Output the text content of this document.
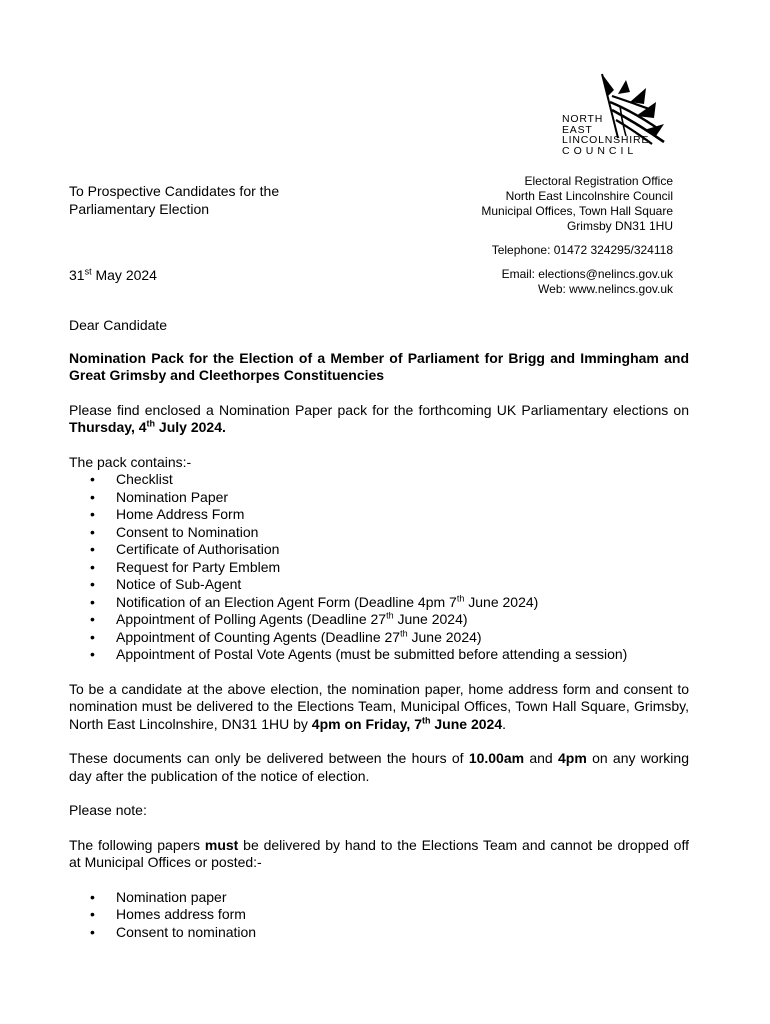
NORTH
EAST
LINCOLNSHIRE
COUNCIL
To Prospective Candidates for the
Parliamentary Election
Electoral Registration Office
North East Lincolnshire Council
Municipal Offices, Town Hall Square
Grimsby DN31 1HU
Telephone: 01472 324295/324118
Email: elections@nelincs.gov.uk
Web: www.nelincs.gov.uk
31st May 2024

Dear Candidate

Nomination Pack for the Election of a Member of Parliament for Brigg and Immingham and Great Grimsby and Cleethorpes Constituencies

Please find enclosed a Nomination Paper pack for the forthcoming UK Parliamentary elections on Thursday, 4th July 2024.

The pack contains:-

• Checklist
• Nomination Paper
• Home Address Form
• Consent to Nomination
• Certificate of Authorisation
• Request for Party Emblem
• Notice of Sub-Agent
• Notification of an Election Agent Form (Deadline 4pm 7th June 2024)
• Appointment of Polling Agents (Deadline 27th June 2024)
• Appointment of Counting Agents (Deadline 27th June 2024)
• Appointment of Postal Vote Agents (must be submitted before attending a session)

To be a candidate at the above election, the nomination paper, home address form and consent to nomination must be delivered to the Elections Team, Municipal Offices, Town Hall Square, Grimsby, North East Lincolnshire, DN31 1HU by 4pm on Friday, 7th June 2024.

These documents can only be delivered between the hours of 10.00am and 4pm on any working day after the publication of the notice of election.

Please note:

The following papers must be delivered by hand to the Elections Team and cannot be dropped off at Municipal Offices or posted:-

• Nomination paper
• Homes address form
• Consent to nomination
